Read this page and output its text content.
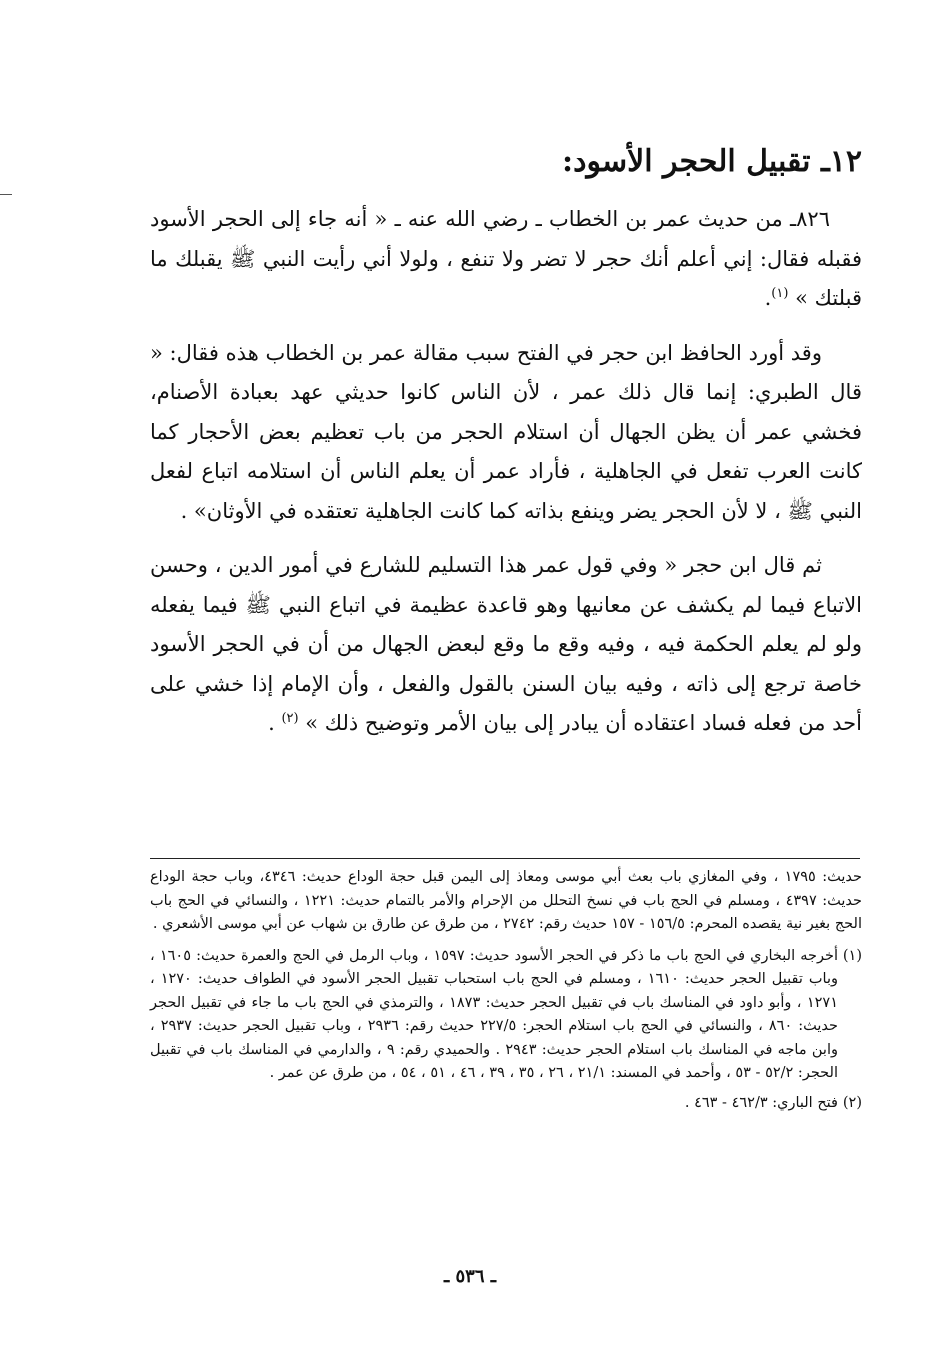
١٢ـ تقبيل الحجر الأسود:

٨٢٦ـ من حديث عمر بن الخطاب ـ رضي الله عنه ـ « أنه جاء إلى الحجر الأسود فقبله فقال: إني أعلم أنك حجر لا تضر ولا تنفع ، ولولا أني رأيت النبي ﷺ يقبلك ما قبلتك » $^{(١)}$.

وقد أورد الحافظ ابن حجر في الفتح سبب مقالة عمر بن الخطاب هذه فقال: « قال الطبري: إنما قال ذلك عمر ، لأن الناس كانوا حديثي عهد بعبادة الأصنام، فخشي عمر أن يظن الجهال أن استلام الحجر من باب تعظيم بعض الأحجار كما كانت العرب تفعل في الجاهلية ، فأراد عمر أن يعلم الناس أن استلامه اتباع لفعل النبي ﷺ ، لا لأن الحجر يضر وينفع بذاته كما كانت الجاهلية تعتقده في الأوثان» .

ثم قال ابن حجر « وفي قول عمر هذا التسليم للشارع في أمور الدين ، وحسن الاتباع فيما لم يكشف عن معانيها وهو قاعدة عظيمة في اتباع النبي ﷺ فيما يفعله ولو لم يعلم الحكمة فيه ، وفيه وقع ما وقع لبعض الجهال من أن في الحجر الأسود خاصة ترجع إلى ذاته ، وفيه بيان السنن بالقول والفعل ، وأن الإمام إذا خشي على أحد من فعله فساد اعتقاده أن يبادر إلى بيان الأمر وتوضيح ذلك » $^{(٢)}$ .

حديث: ١٧٩٥ ، وفي المغازي باب بعث أبي موسى ومعاذ إلى اليمن قبل حجة الوداع حديث: ٤٣٤٦، وباب حجة الوداع حديث: ٤٣٩٧ ، ومسلم في الحج باب في نسخ التحلل من الإحرام والأمر بالتمام حديث: ١٢٢١ ، والنسائي في الحج باب الحج بغير نية يقصده المحرم: ١٥٦/٥ - ١٥٧ حديث رقم: ٢٧٤٢ ، من طرق عن طارق بن شهاب عن أبي موسى الأشعري .

(١)أخرجه البخاري في الحج باب ما ذكر في الحجر الأسود حديث: ١٥٩٧ ، وباب الرمل في الحج والعمرة حديث: ١٦٠٥ ، وباب تقبيل الحجر حديث: ١٦١٠ ، ومسلم في الحج باب استحباب تقبيل الحجر الأسود في الطواف حديث: ١٢٧٠ ، ١٢٧١ ، وأبو داود في المناسك باب في تقبيل الحجر حديث: ١٨٧٣ ، والترمذي في الحج باب ما جاء في تقبيل الحجر حديث: ٨٦٠ ، والنسائي في الحج باب استلام الحجر: ٢٢٧/٥ حديث رقم: ٢٩٣٦ ، وباب تقبيل الحجر حديث: ٢٩٣٧ ، وابن ماجه في المناسك باب استلام الحجر حديث: ٢٩٤٣ . والحميدي رقم: ٩ ، والدارمي في المناسك باب في تقبيل الحجر: ٥٢/٢ - ٥٣ ، وأحمد في المسند: ٢١/١ ، ٢٦ ، ٣٥ ، ٣٩ ، ٤٦ ، ٥١ ، ٥٤ ، من طرق عن عمر .

(٢)فتح الباري: ٤٦٢/٣ - ٤٦٣ .

ـ ٥٣٦ ـ
